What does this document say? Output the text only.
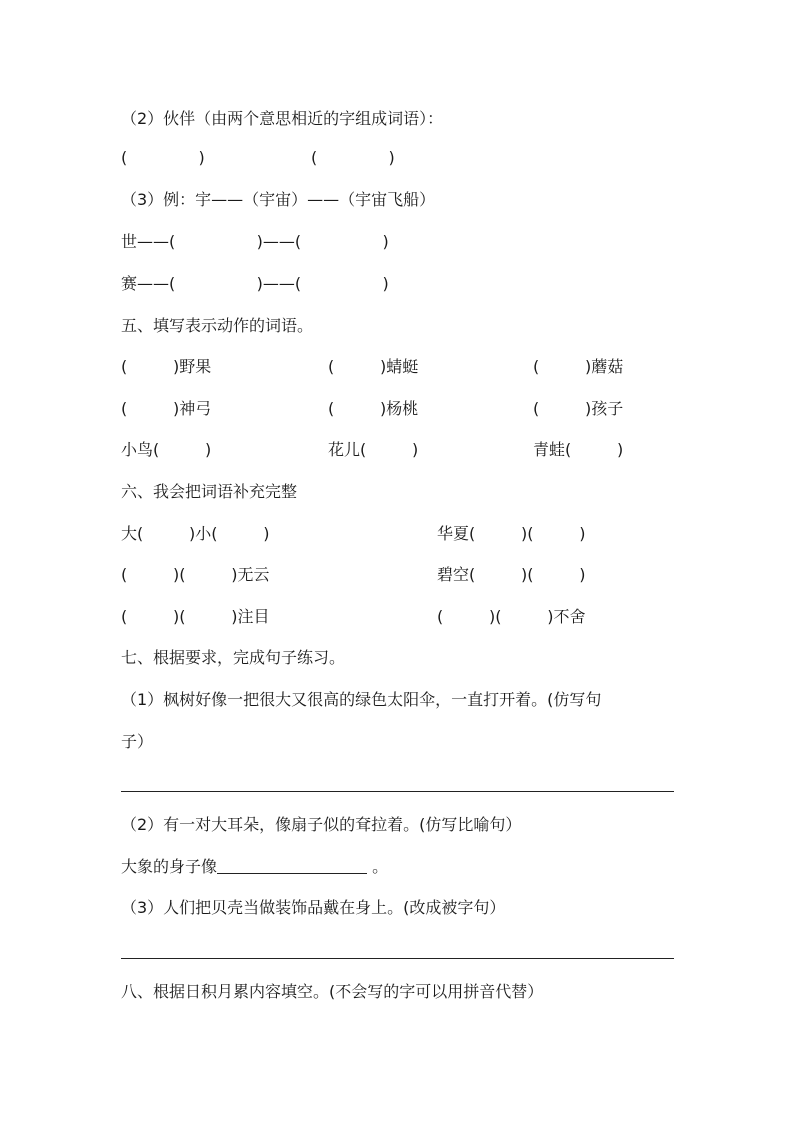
（2）伙伴（由两个意思相近的字组成词语）：
(              )	(              )
（3）例：宇——（宇宙）——（宇宙飞船）
世——(                )——(                )
赛——(                )——(                )
五、填写表示动作的词语。
(         )野果	(         )蜻蜓	(         )蘑菇
(         )神弓	(         )杨桃	(         )孩子
小鸟(         )	花儿(         )	青蛙(         )
六、我会把词语补充完整
大(         )小(         )	华夏(         )(         )
(         )(         )无云	碧空(         )(         )
(         )(         )注目	(         )(         )不舍
七、根据要求，完成句子练习。
（1）枫树好像一把很大又很高的绿色太阳伞，一直打开着。(仿写句
子）
（2）有一对大耳朵，像扇子似的耷拉着。(仿写比喻句）
大象的身子像	。
（3）人们把贝壳当做装饰品戴在身上。(改成被字句）
八、根据日积月累内容填空。(不会写的字可以用拼音代替）
